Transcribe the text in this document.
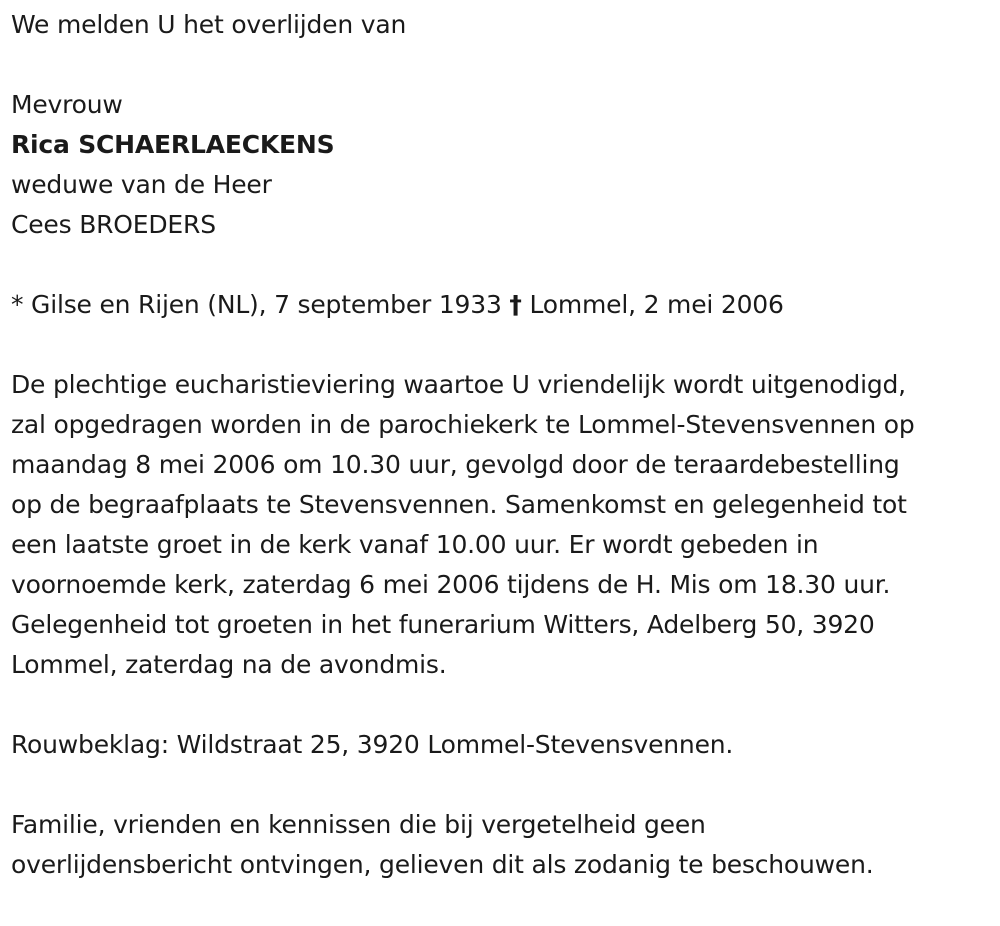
We melden U het overlijden van
Mevrouw
Rica SCHAERLAECKENS
weduwe van de Heer
Cees BROEDERS
* Gilse en Rijen (NL), 7 september 1933 † Lommel, 2 mei 2006
De plechtige eucharistieviering waartoe U vriendelijk wordt uitgenodigd,
zal opgedragen worden in de parochiekerk te Lommel-Stevensvennen op
maandag 8 mei 2006 om 10.30 uur, gevolgd door de teraardebestelling
op de begraafplaats te Stevensvennen. Samenkomst en gelegenheid tot
een laatste groet in de kerk vanaf 10.00 uur. Er wordt gebeden in
voornoemde kerk, zaterdag 6 mei 2006 tijdens de H. Mis om 18.30 uur.
Gelegenheid tot groeten in het funerarium Witters, Adelberg 50, 3920
Lommel, zaterdag na de avondmis.
Rouwbeklag: Wildstraat 25, 3920 Lommel-Stevensvennen.
Familie, vrienden en kennissen die bij vergetelheid geen
overlijdensbericht ontvingen, gelieven dit als zodanig te beschouwen.
